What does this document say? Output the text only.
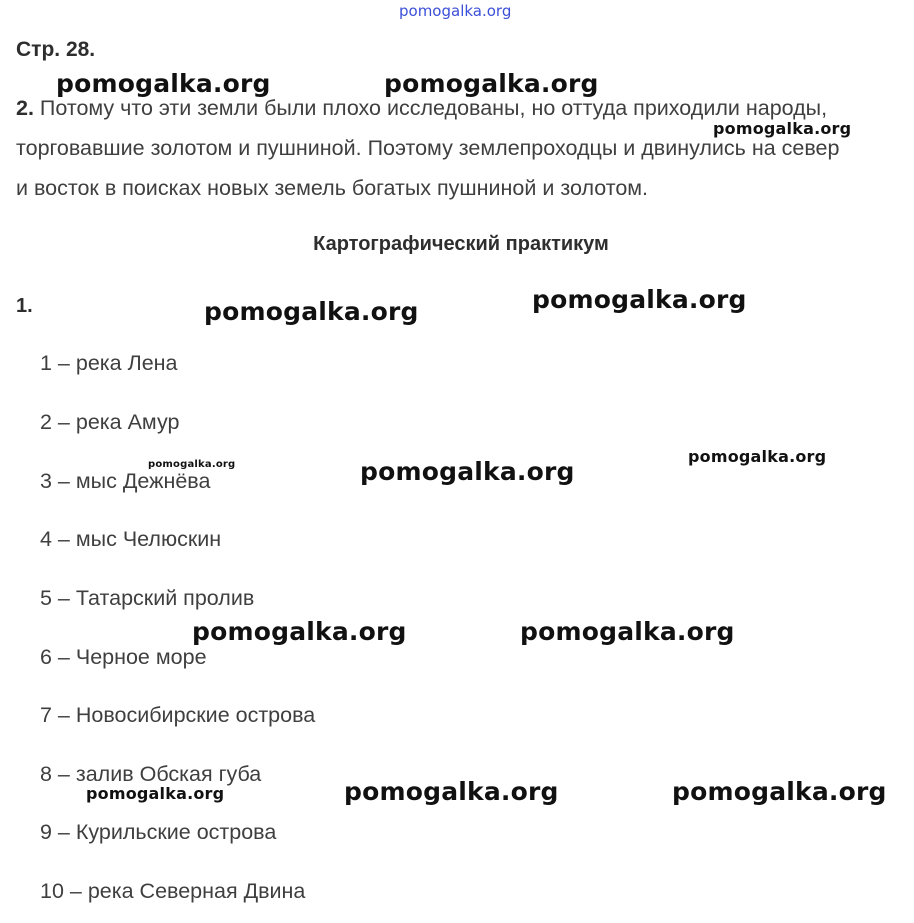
pomogalka.org
Стр. 28.
2. Потому что эти земли были плохо исследованы, но оттуда приходили народы,
торговавшие золотом и пушниной. Поэтому землепроходцы и двинулись на север
и восток в поисках новых земель богатых пушниной и золотом.
Картографический практикум
1.
1 – река Лена
2 – река Амур
3 – мыс Дежнёва
4 – мыс Челюскин
5 – Татарский пролив
6 – Черное море
7 – Новосибирские острова
8 – залив Обская губа
9 – Курильские острова
10 – река Северная Двина
pomogalka.org	pomogalka.org
pomogalka.org
pomogalka.org
pomogalka.org
pomogalka.org
pomogalka.org	pomogalka.org
pomogalka.org	pomogalka.org
pomogalka.org	pomogalka.org	pomogalka.org
